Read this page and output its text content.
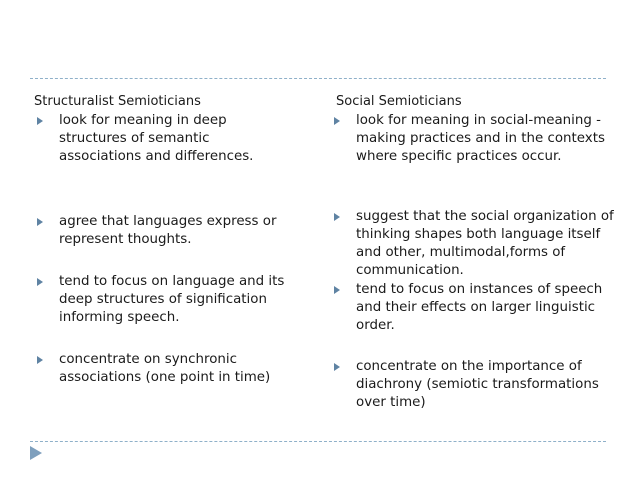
Structuralist Semioticians
look for meaning in deep structures of semantic associations and differences.
agree that languages express or represent thoughts.
tend to focus on language and its deep structures of signification informing speech.
concentrate on synchronic associations (one point in time)
Social Semioticians
look for meaning in social-meaning -making practices and in the contexts where specific practices occur.
suggest that the social organization of thinking shapes both language itself and other, multimodal,forms of communication.
tend to focus on instances of speech and their effects on larger linguistic order.
concentrate on the importance of diachrony (semiotic transformations over time)
